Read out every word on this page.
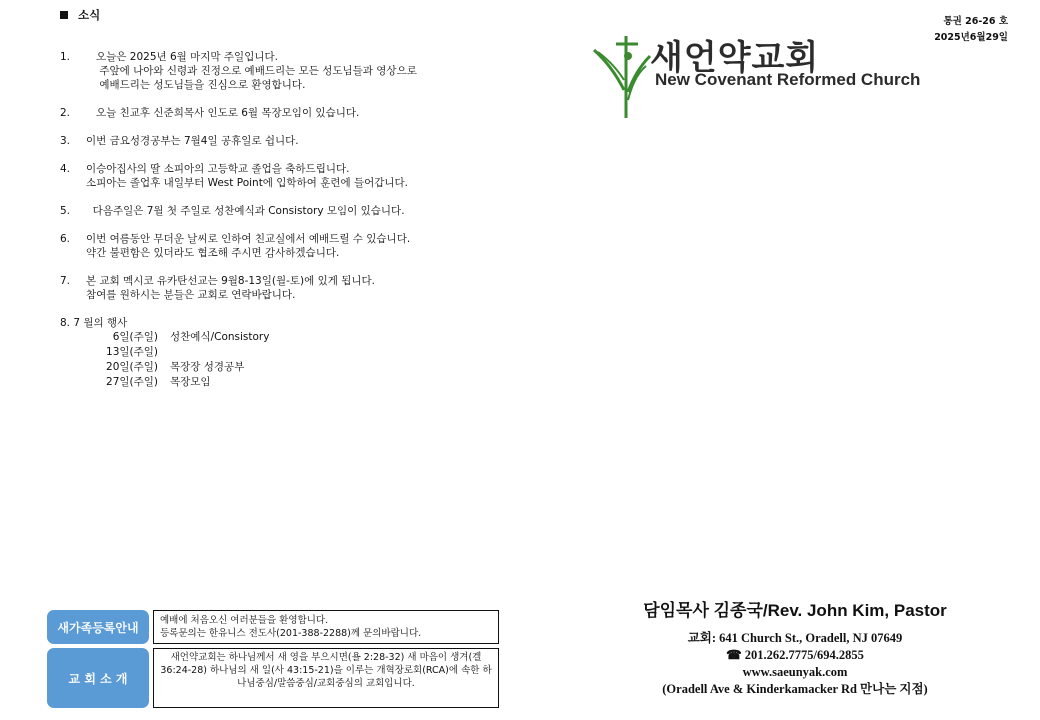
소식
1.	오늘은 2025년 6월 마지막 주일입니다.
주앞에 나아와 신령과 진정으로 예배드리는 모든 성도님들과 영상으로
예배드리는 성도님들을 진심으로 환영합니다.
2.	오늘 친교후 신준희목사 인도로 6월 목장모임이 있습니다.
3.	이번 금요성경공부는 7월4일 공휴일로 쉽니다.
4.	이승아집사의 딸 소피아의 고등학교 졸업을 축하드립니다.
소피아는 졸업후 내일부터 West Point에 입학하여 훈련에 들어갑니다.
5.	다음주일은 7월 첫 주일로 성찬예식과 Consistory 모임이 있습니다.
6.	이번 여름동안 무더운 날씨로 인하여 친교실에서 예배드릴 수 있습니다.
약간 불편함은 있더라도 협조해 주시면 감사하겠습니다.
7.	본 교회 멕시코 유카탄선교는 9월8-13일(월-토)에 있게 됩니다.
참여를 원하시는 분들은 교회로 연락바랍니다.
8. 7 월의 행사
6일(주일)	성찬예식/Consistory
13일(주일)
20일(주일)	목장장 성경공부
27일(주일)	목장모임
통권 26-26 호
2025년6월29일
새언약교회
New Covenant Reformed Church
담임목사 김종국/Rev. John Kim, Pastor
교회: 641 Church St., Oradell, NJ 07649
☎ 201.262.7775/694.2855
www.saeunyak.com
(Oradell Ave & Kinderkamacker Rd 만나는 지점)
새가족등록안내	예배에 처음오신 여러분들을 환영합니다.
등록문의는 한유니스 전도사(201-388-2288)께 문의바랍니다.
교 회 소 개
새언약교회는 하나님께서 새 영을 부으시면(욜 2:28-32) 새 마음이 생겨(겔 36:24-28) 하나님의 새 일(사 43:15-21)을 이루는 개혁장로회(RCA)에 속한 하나님중심/말씀중심/교회중심의 교회입니다.
